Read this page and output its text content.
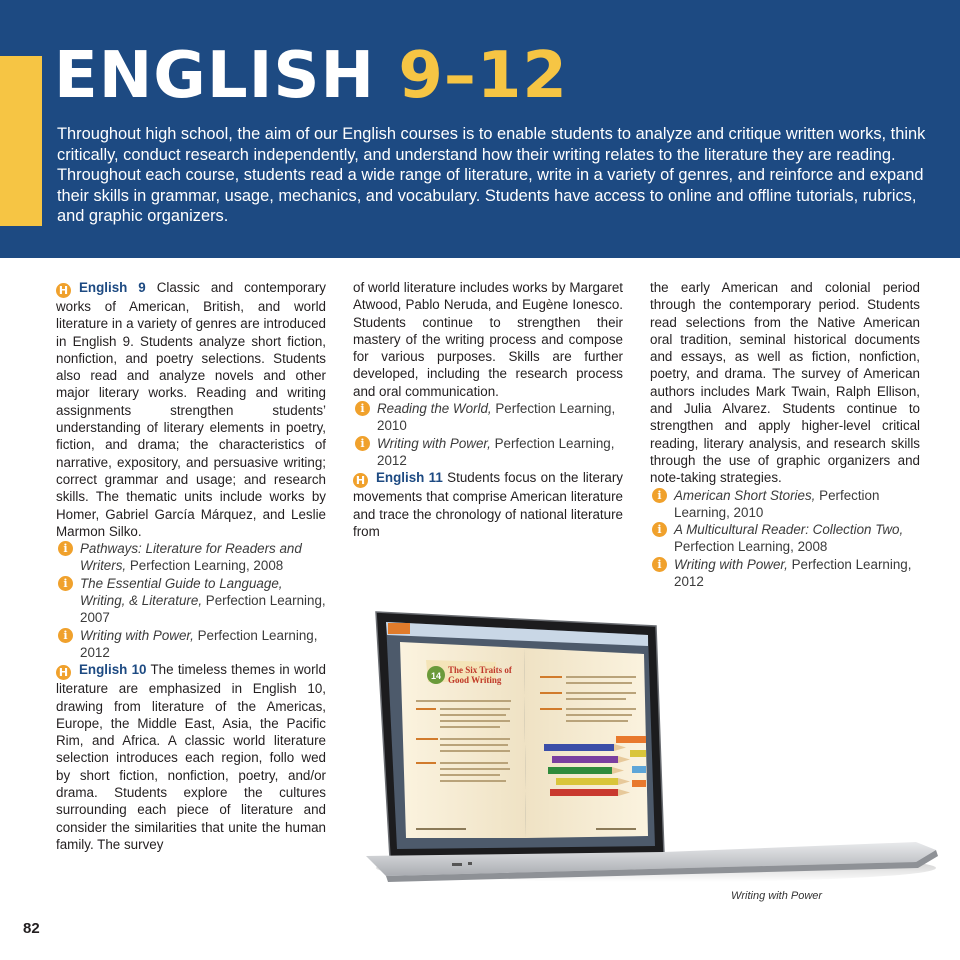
ENGLISH 9–12

Throughout high school, the aim of our English courses is to enable students to analyze and critique written works, think critically, conduct research independently, and understand how their writing relates to the literature they are reading. Throughout each course, students read a wide range of literature, write in a variety of genres, and reinforce and expand their skills in grammar, usage, mechanics, and vocabulary. Students have access to online and offline tutorials, rubrics, and graphic organizers.

H English 9 Classic and contemporary works of American, British, and world literature in a variety of genres are introduced in English 9. Students analyze short fiction, nonfiction, and poetry selections. Students also read and analyze novels and other major literary works. Reading and writing assignments strengthen students’ understanding of literary elements in poetry, fiction, and drama; the characteristics of narrative, expository, and persuasive writing; correct grammar and usage; and research skills. The thematic units include works by Homer, Gabriel García Márquez, and Leslie Marmon Silko.

i Pathways: Literature for Readers and Writers, Perfection Learning, 2008

i The Essential Guide to Language, Writing, & Literature, Perfection Learning, 2007

i Writing with Power, Perfection Learning, 2012

H English 10 The timeless themes in world literature are emphasized in English 10, drawing from literature of the Americas, Europe, the Middle East, Asia, the Pacific Rim, and Africa. A classic world literature selection introduces each region, follo wed by short fiction, nonfiction, poetry, and/or drama. Students explore the cultures surrounding each piece of literature and consider the similarities that unite the human family. The survey

of world literature includes works by Margaret Atwood, Pablo Neruda, and Eugène Ionesco. Students continue to strengthen their mastery of the writing process and compose for various purposes. Skills are further developed, including the research process and oral communication.

i Reading the World, Perfection Learning, 2010

i Writing with Power, Perfection Learning, 2012

H English 11 Students focus on the literary movements that comprise American literature and trace the chronology of national literature from

the early American and colonial period through the contemporary period. Students read selections from the Native American oral tradition, seminal historical documents and essays, as well as fiction, nonfiction, poetry, and drama. The survey of American authors includes Mark Twain, Ralph Ellison, and Julia Alvarez. Students continue to strengthen and apply higher-level critical reading, literary analysis, and research skills through the use of graphic organizers and note-taking strategies.

i American Short Stories, Perfection Learning, 2010

i A Multicultural Reader: Collection Two, Perfection Learning, 2008

i Writing with Power, Perfection Learning, 2012

14
The Six Traits of
Good Writing
Writing with Power
82
